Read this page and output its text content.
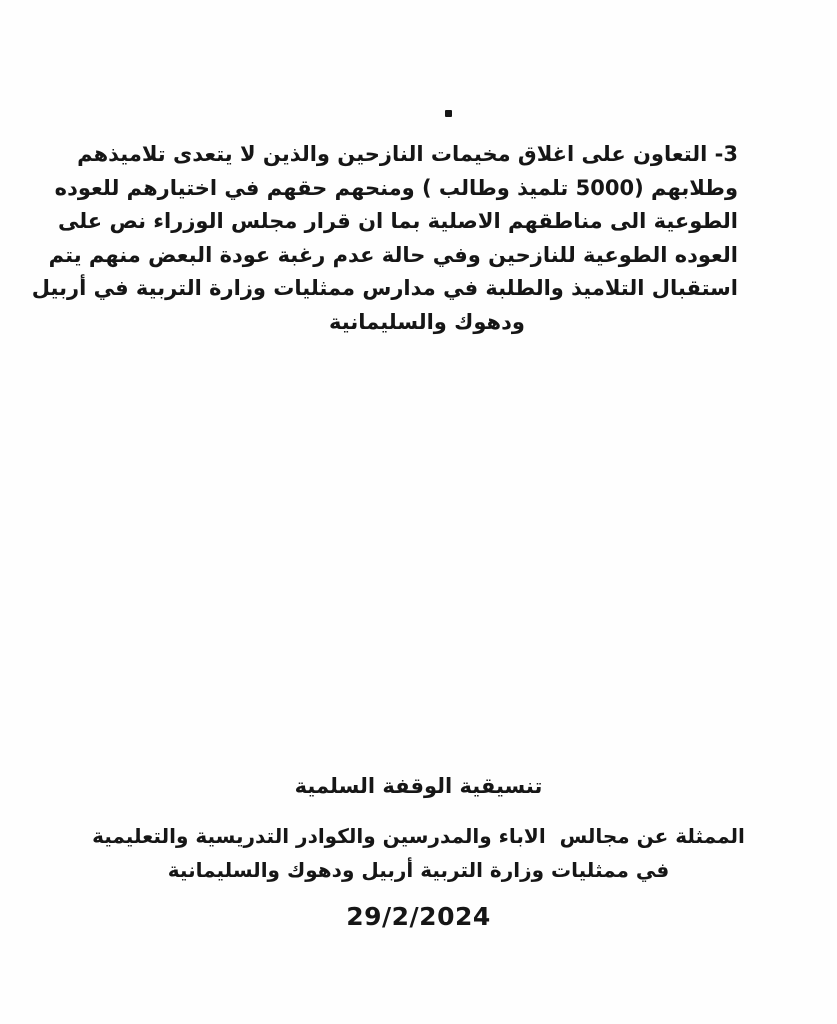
3- التعاون على اغلاق مخيمات النازحين والذين لا يتعدى تلاميذهم
وطلابهم (5000 تلميذ وطالب ) ومنحهم حقهم في اختيارهم للعوده
الطوعية الى مناطقهم الاصلية بما ان قرار مجلس الوزراء نص على
العوده الطوعية للنازحين وفي حالة عدم رغبة عودة البعض منهم يتم
استقبال التلاميذ والطلبة في مدارس ممثليات وزارة التربية في أربيل
ودهوك والسليمانية
تنسيقية الوقفة السلمية
الممثلة عن مجالس  الاباء والمدرسين والكوادر التدريسية والتعليمية
في ممثليات وزارة التربية أربيل ودهوك والسليمانية
29/2/2024
